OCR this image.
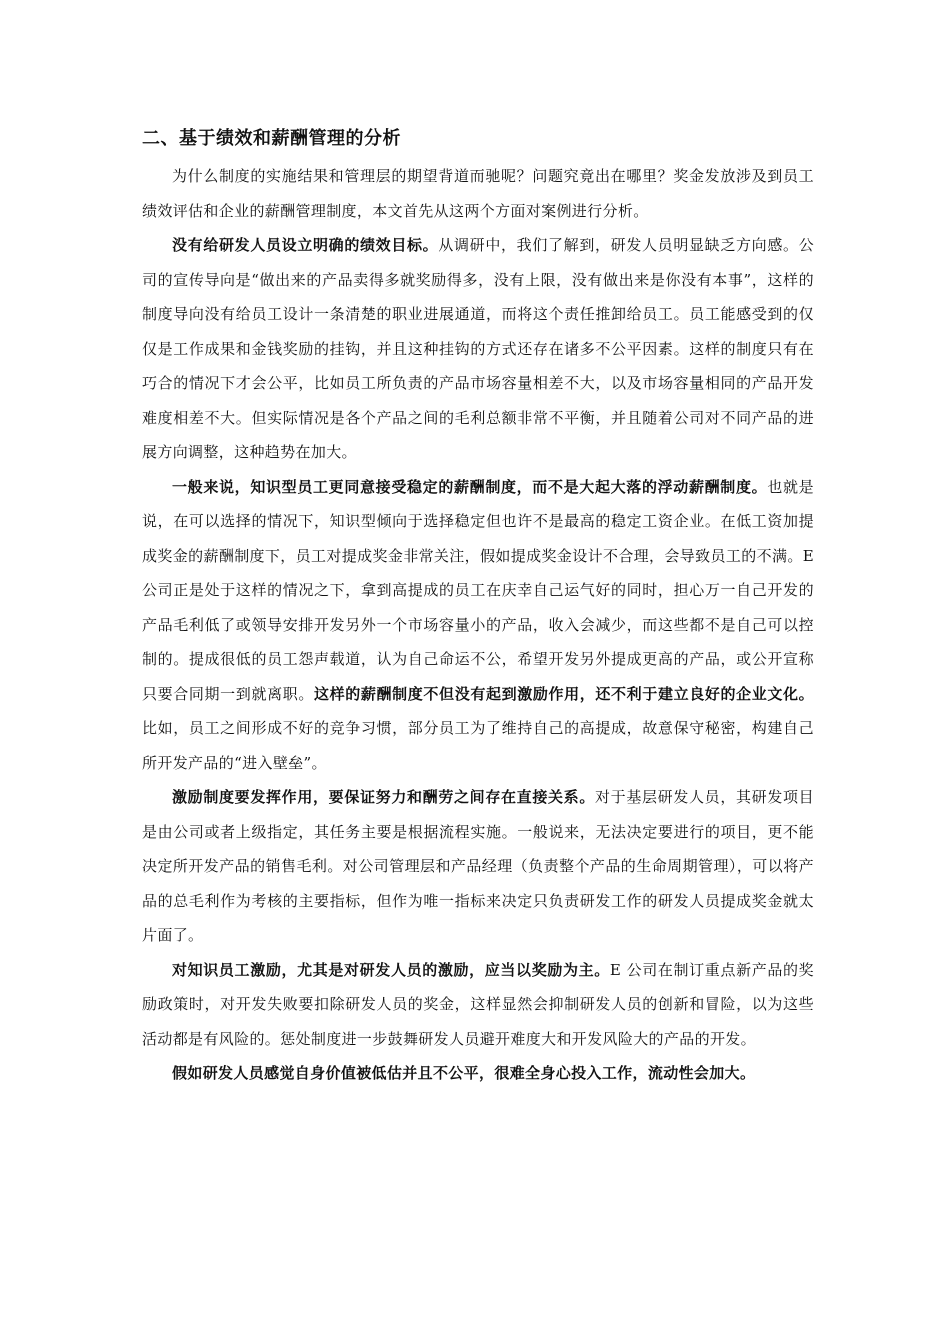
二、基于绩效和薪酬管理的分析

为什么制度的实施结果和管理层的期望背道而驰呢？问题究竟出在哪里？奖金发放涉及到员工绩效评估和企业的薪酬管理制度，本文首先从这两个方面对案例进行分析。

没有给研发人员设立明确的绩效目标。从调研中，我们了解到，研发人员明显缺乏方向感。公司的宣传导向是“做出来的产品卖得多就奖励得多，没有上限，没有做出来是你没有本事”，这样的制度导向没有给员工设计一条清楚的职业进展通道，而将这个责任推卸给员工。员工能感受到的仅仅是工作成果和金钱奖励的挂钩，并且这种挂钩的方式还存在诸多不公平因素。这样的制度只有在巧合的情况下才会公平，比如员工所负责的产品市场容量相差不大，以及市场容量相同的产品开发难度相差不大。但实际情况是各个产品之间的毛利总额非常不平衡，并且随着公司对不同产品的进展方向调整，这种趋势在加大。

一般来说，知识型员工更同意接受稳定的薪酬制度，而不是大起大落的浮动薪酬制度。也就是说，在可以选择的情况下，知识型倾向于选择稳定但也许不是最高的稳定工资企业。在低工资加提成奖金的薪酬制度下，员工对提成奖金非常关注，假如提成奖金设计不合理，会导致员工的不满。E 公司正是处于这样的情况之下，拿到高提成的员工在庆幸自己运气好的同时，担心万一自己开发的产品毛利低了或领导安排开发另外一个市场容量小的产品，收入会减少，而这些都不是自己可以控制的。提成很低的员工怨声载道，认为自己命运不公，希望开发另外提成更高的产品，或公开宣称只要合同期一到就离职。这样的薪酬制度不但没有起到激励作用，还不利于建立良好的企业文化。比如，员工之间形成不好的竞争习惯，部分员工为了维持自己的高提成，故意保守秘密，构建自己所开发产品的“进入壁垒”。

激励制度要发挥作用，要保证努力和酬劳之间存在直接关系。对于基层研发人员，其研发项目是由公司或者上级指定，其任务主要是根据流程实施。一般说来，无法决定要进行的项目，更不能决定所开发产品的销售毛利。对公司管理层和产品经理（负责整个产品的生命周期管理），可以将产品的总毛利作为考核的主要指标，但作为唯一指标来决定只负责研发工作的研发人员提成奖金就太片面了。

对知识员工激励，尤其是对研发人员的激励，应当以奖励为主。E 公司在制订重点新产品的奖励政策时，对开发失败要扣除研发人员的奖金，这样显然会抑制研发人员的创新和冒险，以为这些活动都是有风险的。惩处制度进一步鼓舞研发人员避开难度大和开发风险大的产品的开发。

假如研发人员感觉自身价值被低估并且不公平，很难全身心投入工作，流动性会加大。
